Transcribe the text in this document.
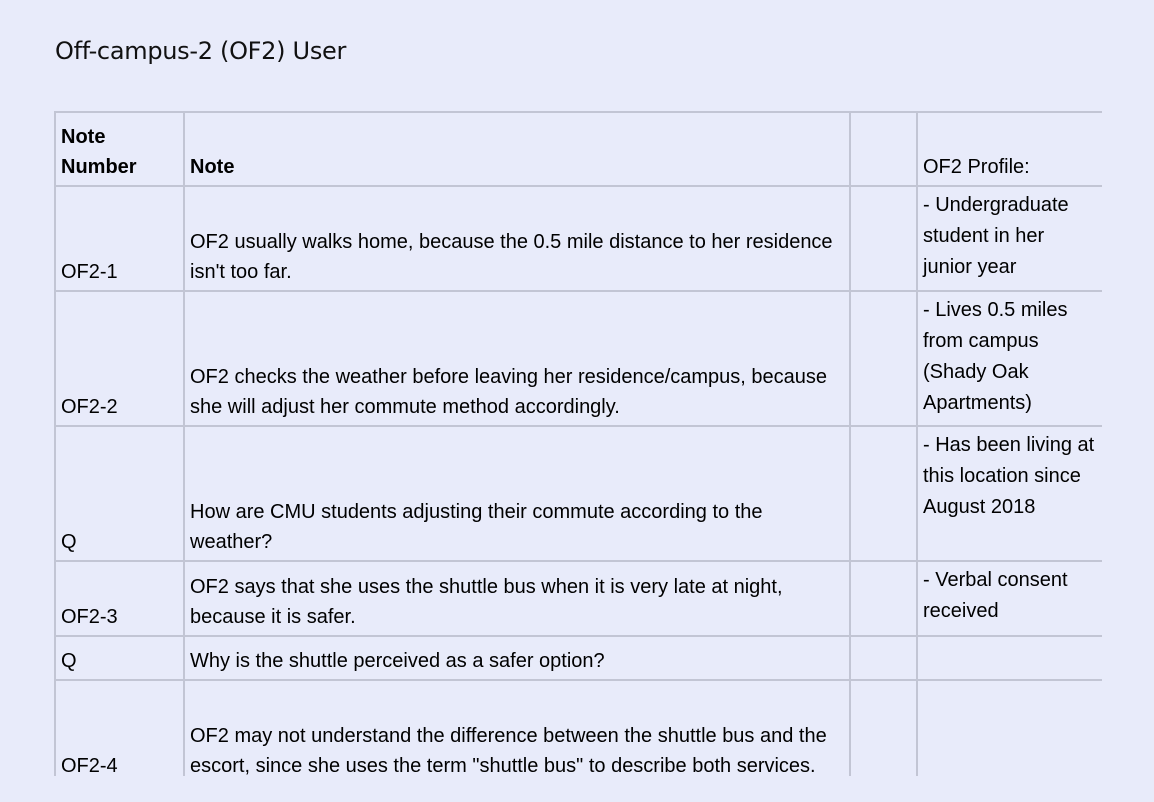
Off-campus-2 (OF2) User
Note Number	Note		OF2 Profile:
OF2-1	OF2 usually walks home, because the 0.5 mile distance to her residence isn't too far.		- Undergraduate student in her junior year
OF2-2	OF2 checks the weather before leaving her residence/campus, because she will adjust her commute method accordingly.		- Lives 0.5 miles from campus (Shady Oak Apartments)
Q	How are CMU students adjusting their commute according to the weather?		- Has been living at this location since August 2018
OF2-3	OF2 says that she uses the shuttle bus when it is very late at night, because it is safer.		- Verbal consent received
Q	Why is the shuttle perceived as a safer option?		
OF2-4	OF2 may not understand the difference between the shuttle bus and the escort, since she uses the term "shuttle bus" to describe both services.		
